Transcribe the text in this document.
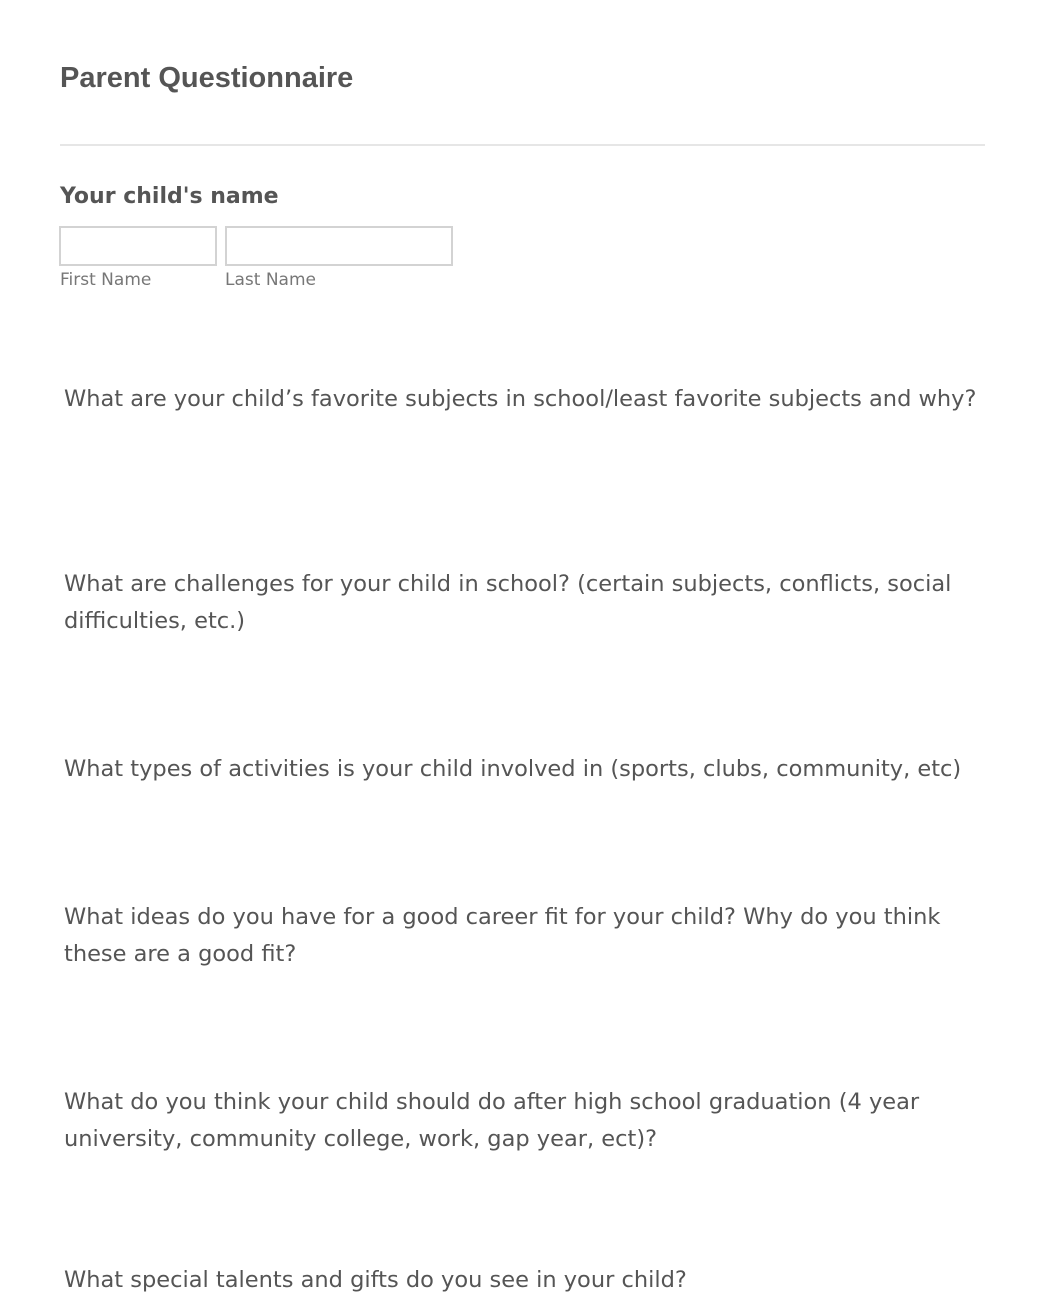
Parent Questionnaire
Your child's name
First Name	Last Name

What are your child’s favorite subjects in school/least favorite subjects and why?

What are challenges for your child in school? (certain subjects, conflicts, social difficulties, etc.)

What types of activities is your child involved in (sports, clubs, community, etc)

What ideas do you have for a good career fit for your child? Why do you think these are a good fit?

What do you think your child should do after high school graduation (4 year university, community college, work, gap year, ect)?

What special talents and gifts do you see in your child?
